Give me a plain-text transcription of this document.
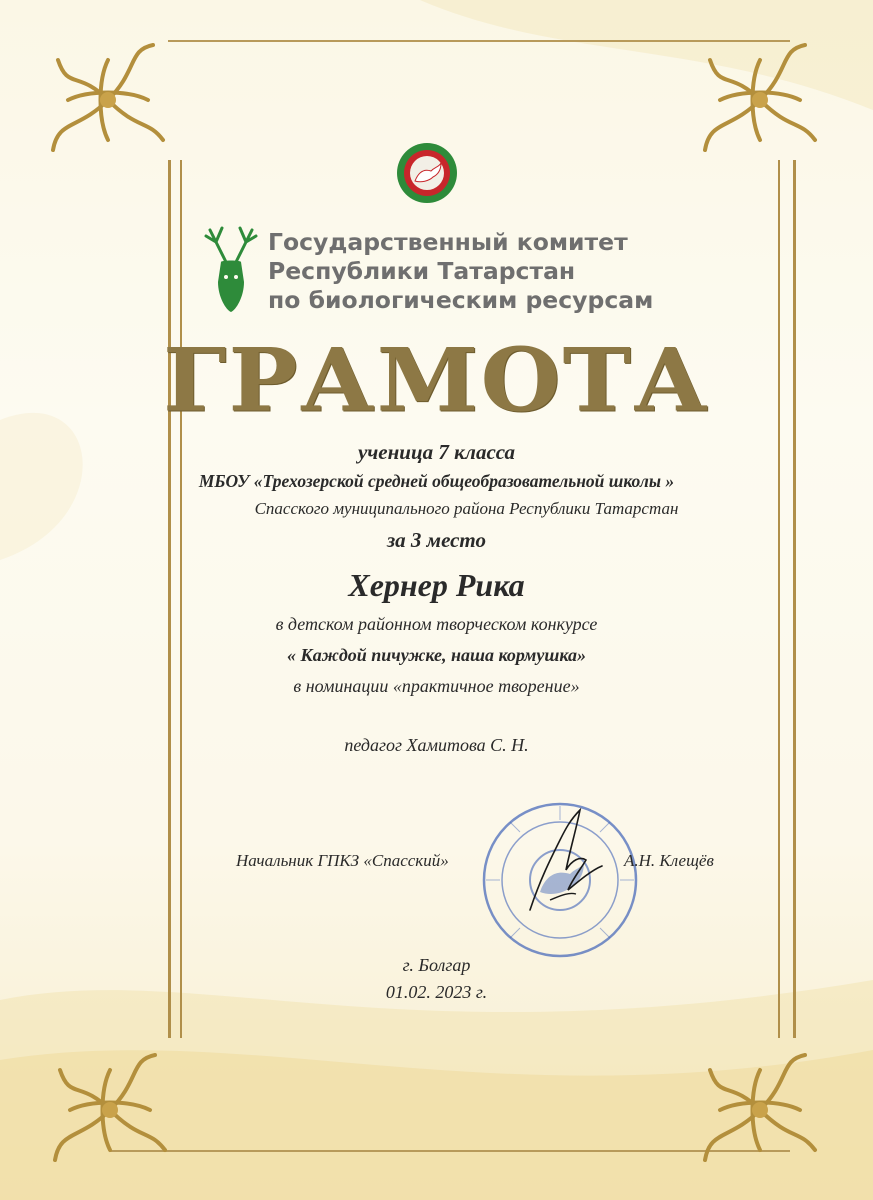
Государственный комитет
Республики Татарстан
по биологическим ресурсам
ГРАМОТА
ученица 7 класса
МБОУ «Трехозерской средней общеобразовательной школы »
Спасского муниципального района Республики Татарстан
за 3 место
Хернер Рика
в детском районном творческом конкурсе
« Каждой пичужке, наша кормушка»
в номинации «практичное творение»
педагог Хамитова С. Н.
Начальник ГПКЗ «Спасский»	А.Н. Клещёв
г. Болгар
01.02. 2023 г.
